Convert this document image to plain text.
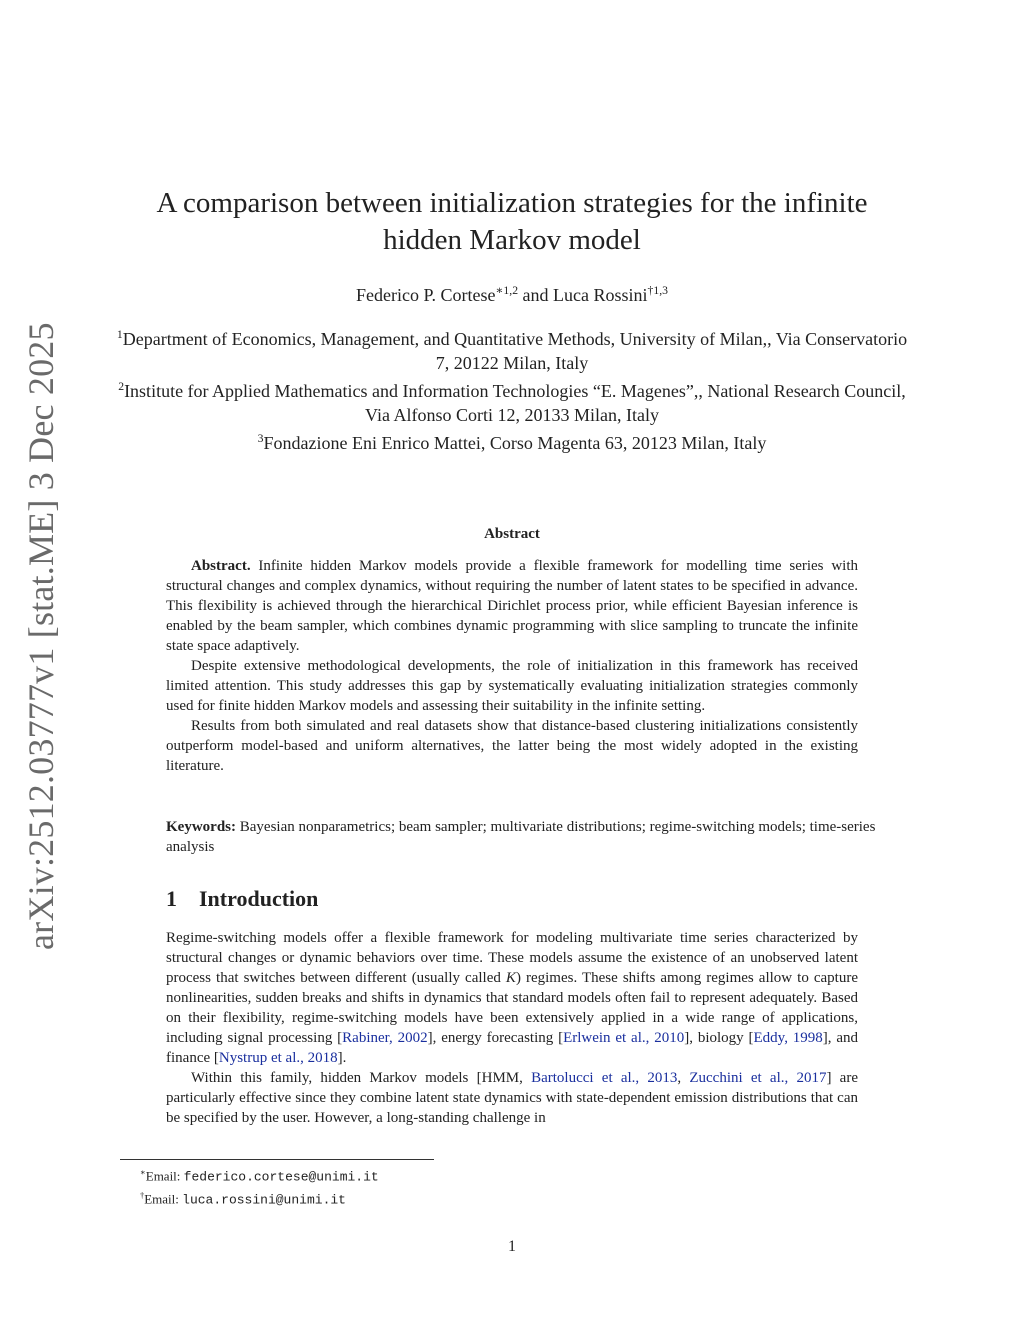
arXiv:2512.03777v1 [stat.ME] 3 Dec 2025
A comparison between initialization strategies for the infinite
hidden Markov model
Federico P. Cortese$^{∗1,2}$ and Luca Rossini$^{\dagger 1,3}$
$^1$Department of Economics, Management, and Quantitative Methods, University of Milan,, Via Conservatorio 7, 20122 Milan, Italy
$^2$Institute for Applied Mathematics and Information Technologies “E. Magenes”,, National Research Council, Via Alfonso Corti 12, 20133 Milan, Italy
$^3$Fondazione Eni Enrico Mattei, Corso Magenta 63, 20123 Milan, Italy
Abstract

Abstract. Infinite hidden Markov models provide a flexible framework for modelling time series with structural changes and complex dynamics, without requiring the number of latent states to be specified in advance. This flexibility is achieved through the hierarchical Dirichlet process prior, while efficient Bayesian inference is enabled by the beam sampler, which combines dynamic programming with slice sampling to truncate the infinite state space adaptively.

Despite extensive methodological developments, the role of initialization in this framework has received limited attention. This study addresses this gap by systematically evaluating initialization strategies commonly used for finite hidden Markov models and assessing their suitability in the infinite setting.

Results from both simulated and real datasets show that distance-based clustering initializations consistently outperform model-based and uniform alternatives, the latter being the most widely adopted in the existing literature.

Keywords: Bayesian nonparametrics; beam sampler; multivariate distributions; regime-switching models; time-series analysis
1 Introduction

Regime-switching models offer a flexible framework for modeling multivariate time series characterized by structural changes or dynamic behaviors over time. These models assume the existence of an unobserved latent process that switches between different (usually called K) regimes. These shifts among regimes allow to capture nonlinearities, sudden breaks and shifts in dynamics that standard models often fail to represent adequately. Based on their flexibility, regime-switching models have been extensively applied in a wide range of applications, including signal processing [Rabiner, 2002], energy forecasting [Erlwein et al., 2010], biology [Eddy, 1998], and finance [Nystrup et al., 2018].

Within this family, hidden Markov models [HMM, Bartolucci et al., 2013, Zucchini et al., 2017] are particularly effective since they combine latent state dynamics with state-dependent emission distributions that can be specified by the user. However, a long-standing challenge in

∗Email: federico.cortese@unimi.it
†Email: luca.rossini@unimi.it
1
